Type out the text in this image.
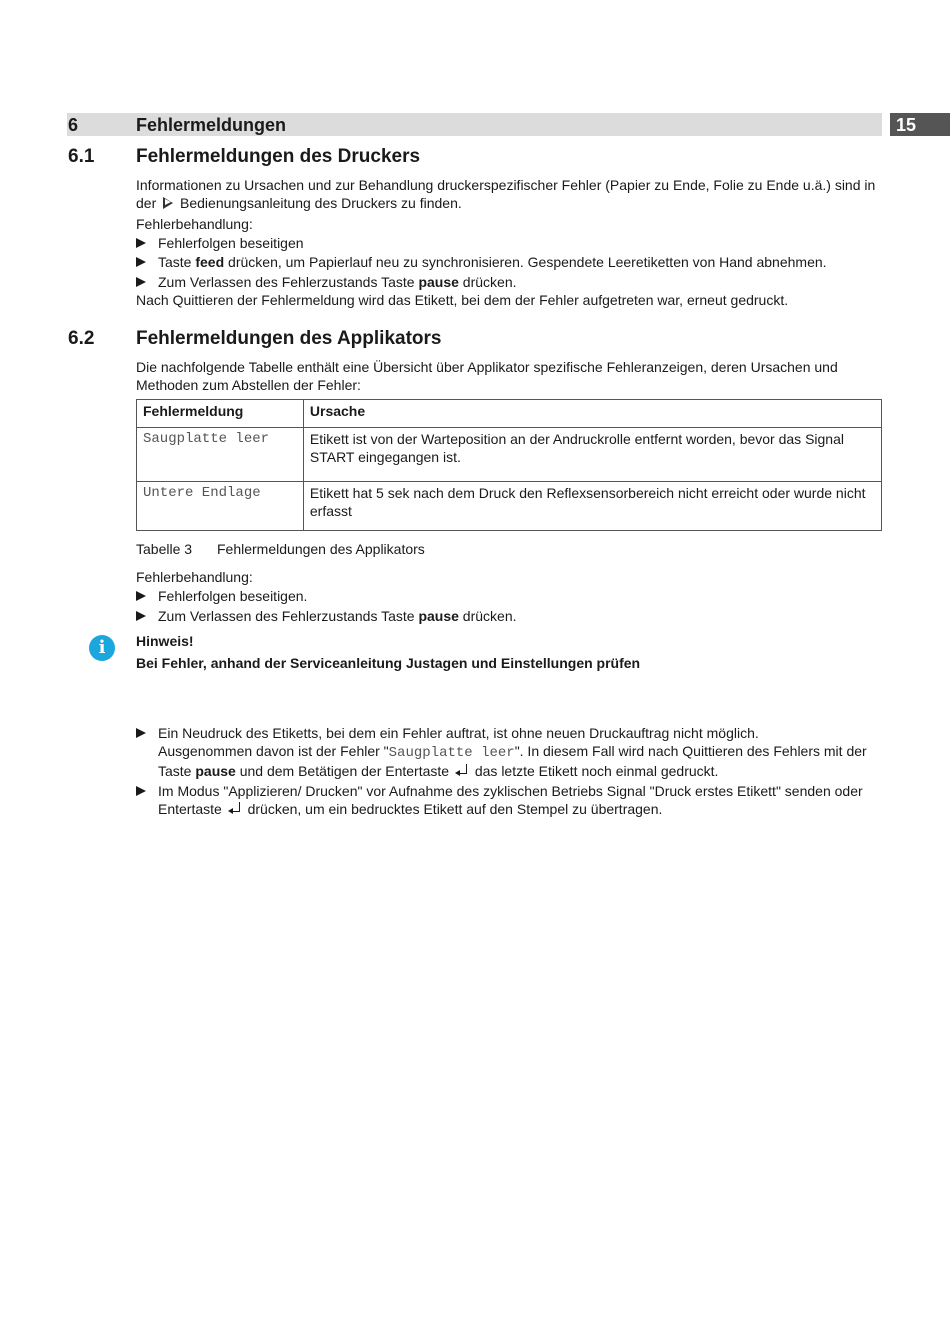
6	Fehlermeldungen	15
6.1 Fehlermeldungen des Druckers
Informationen zu Ursachen und zur Behandlung druckerspezifischer Fehler (Papier zu Ende, Folie zu Ende u.ä.) sind in der Bedienungsanleitung des Druckers zu finden.
Fehlerbehandlung:
Fehlerfolgen beseitigen
Taste feed drücken, um Papierlauf neu zu synchronisieren. Gespendete Leeretiketten von Hand abnehmen.
Zum Verlassen des Fehlerzustands Taste pause drücken.
Nach Quittieren der Fehlermeldung wird das Etikett, bei dem der Fehler aufgetreten war, erneut gedruckt.
6.2 Fehlermeldungen des Applikators
Die nachfolgende Tabelle enthält eine Übersicht über Applikator spezifische Fehleranzeigen, deren Ursachen und Methoden zum Abstellen der Fehler:
Fehlermeldung	Ursache
Saugplatte leer	Etikett ist von der Warteposition an der Andruckrolle entfernt worden, bevor das Signal START eingegangen ist.
Untere Endlage	Etikett hat 5 sek nach dem Druck den Reflexsensorbereich nicht erreicht oder wurde nicht erfasst
Tabelle 3 Fehlermeldungen des Applikators
Fehlerbehandlung:
Fehlerfolgen beseitigen.
Zum Verlassen des Fehlerzustands Taste pause drücken.
i	Hinweis!
Bei Fehler, anhand der Serviceanleitung Justagen und Einstellungen prüfen
Ein Neudruck des Etiketts, bei dem ein Fehler auftrat, ist ohne neuen Druckauftrag nicht möglich.
Ausgenommen davon ist der Fehler "Saugplatte leer". In diesem Fall wird nach Quittieren des Fehlers mit der Taste pause und dem Betätigen der Entertaste
das letzte Etikett noch einmal gedruckt.
Im Modus "Applizieren/ Drucken" vor Aufnahme des zyklischen Betriebs Signal "Druck erstes Etikett" senden oder Entertaste
drücken, um ein bedrucktes Etikett auf den Stempel zu übertragen.
